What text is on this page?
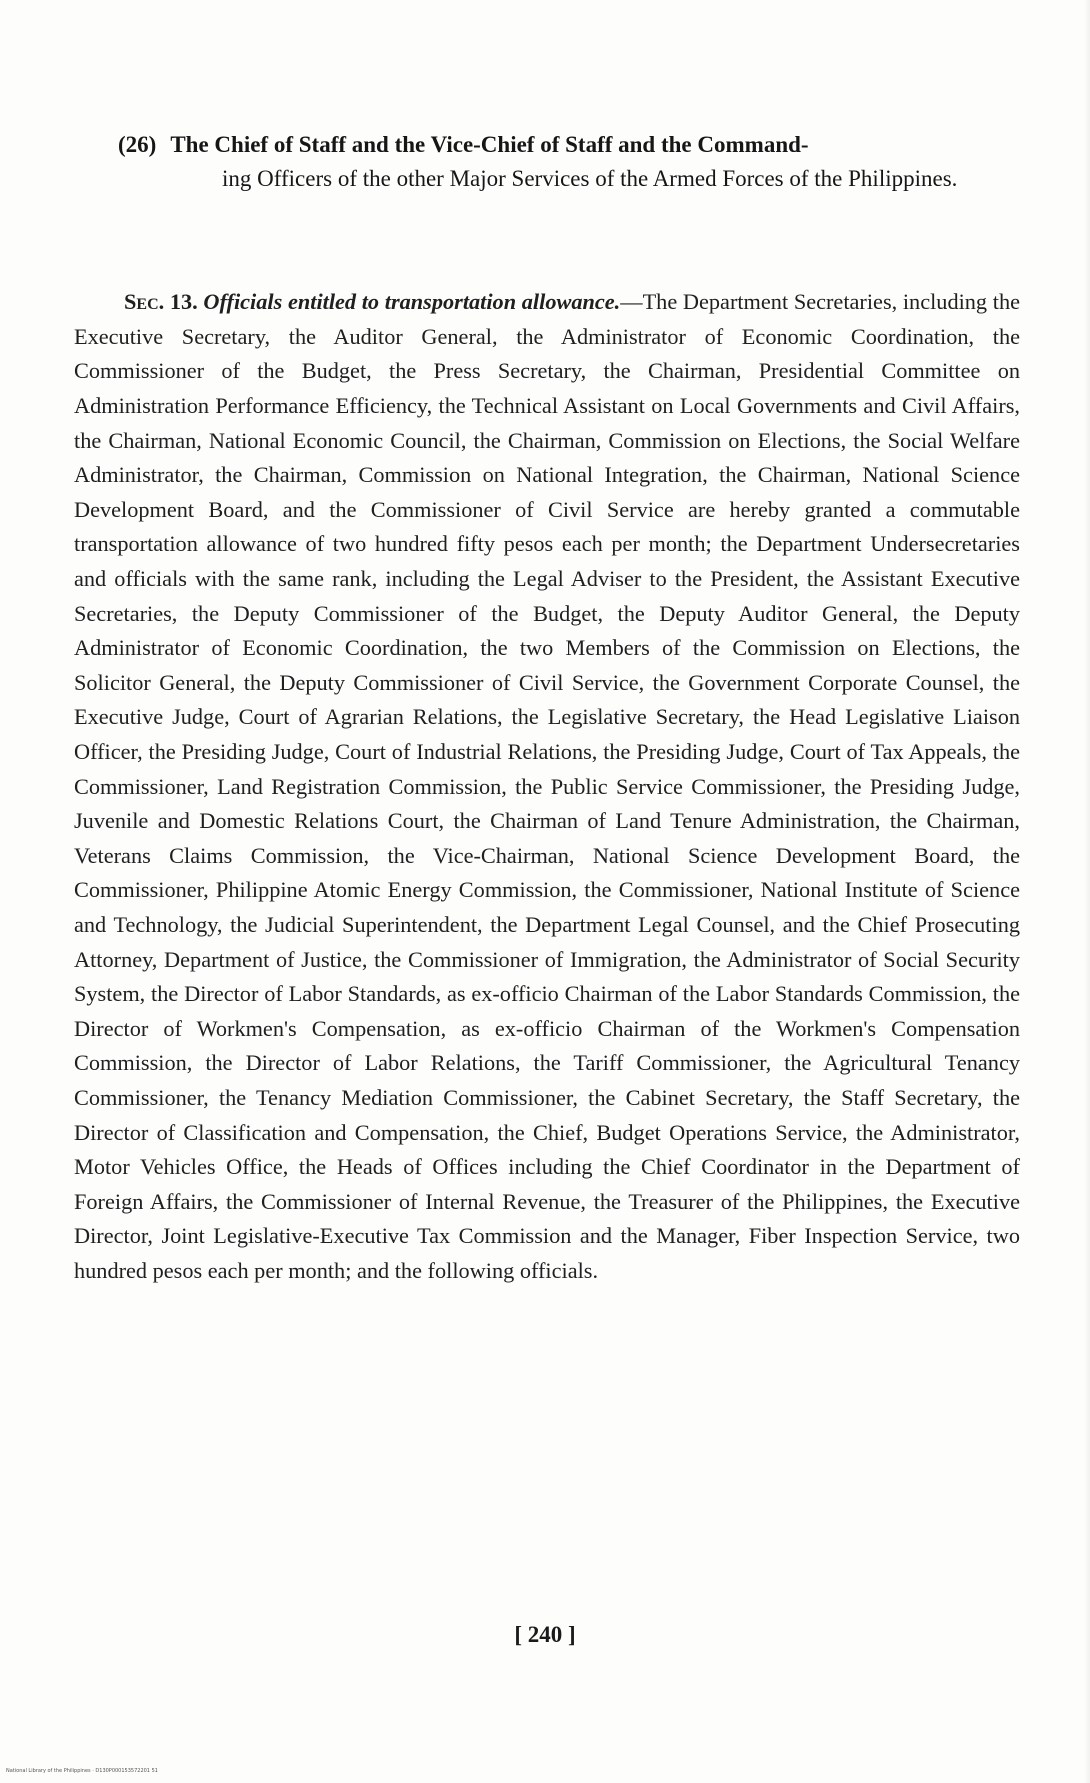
(26) The Chief of Staff and the Vice-Chief of Staff and the Command-
ing Officers of the other Major Services of the Armed Forces of the Philippines.

Sec. 13. Officials entitled to transportation allowance.—The Department Secretaries, including the Executive Secretary, the Auditor General, the Administrator of Economic Coordination, the Commissioner of the Budget, the Press Secretary, the Chairman, Presidential Committee on Administration Performance Efficiency, the Technical Assistant on Local Governments and Civil Affairs, the Chairman, National Economic Council, the Chairman, Commission on Elections, the Social Welfare Administrator, the Chairman, Commission on National Integration, the Chairman, National Science Development Board, and the Commissioner of Civil Service are hereby granted a commutable transportation allowance of two hundred fifty pesos each per month; the Department Undersecretaries and officials with the same rank, including the Legal Adviser to the President, the Assistant Executive Secretaries, the Deputy Commissioner of the Budget, the Deputy Auditor General, the Deputy Administrator of Economic Coordination, the two Members of the Commission on Elections, the Solicitor General, the Deputy Commissioner of Civil Service, the Government Corporate Counsel, the Executive Judge, Court of Agrarian Relations, the Legislative Secretary, the Head Legislative Liaison Officer, the Presiding Judge, Court of Industrial Relations, the Presiding Judge, Court of Tax Appeals, the Commissioner, Land Registration Commission, the Public Service Commissioner, the Presiding Judge, Juvenile and Domestic Relations Court, the Chairman of Land Tenure Administration, the Chairman, Veterans Claims Commission, the Vice-Chairman, National Science Development Board, the Commissioner, Philippine Atomic Energy Commission, the Commissioner, National Institute of Science and Technology, the Judicial Superintendent, the Department Legal Counsel, and the Chief Prosecuting Attorney, Department of Justice, the Commissioner of Immigration, the Administrator of Social Security System, the Director of Labor Standards, as ex-officio Chairman of the Labor Standards Commission, the Director of Workmen's Compensation, as ex-officio Chairman of the Workmen's Compensation Commission, the Director of Labor Relations, the Tariff Commissioner, the Agricultural Tenancy Commissioner, the Tenancy Mediation Commissioner, the Cabinet Secretary, the Staff Secretary, the Director of Classification and Compensation, the Chief, Budget Operations Service, the Administrator, Motor Vehicles Office, the Heads of Offices including the Chief Coordinator in the Department of Foreign Affairs, the Commissioner of Internal Revenue, the Treasurer of the Philippines, the Executive Director, Joint Legislative-Executive Tax Commission and the Manager, Fiber Inspection Service, two hundred pesos each per month; and the following officials.

[ 240 ]
National Library of the Philippines · D130P000153572201 51
